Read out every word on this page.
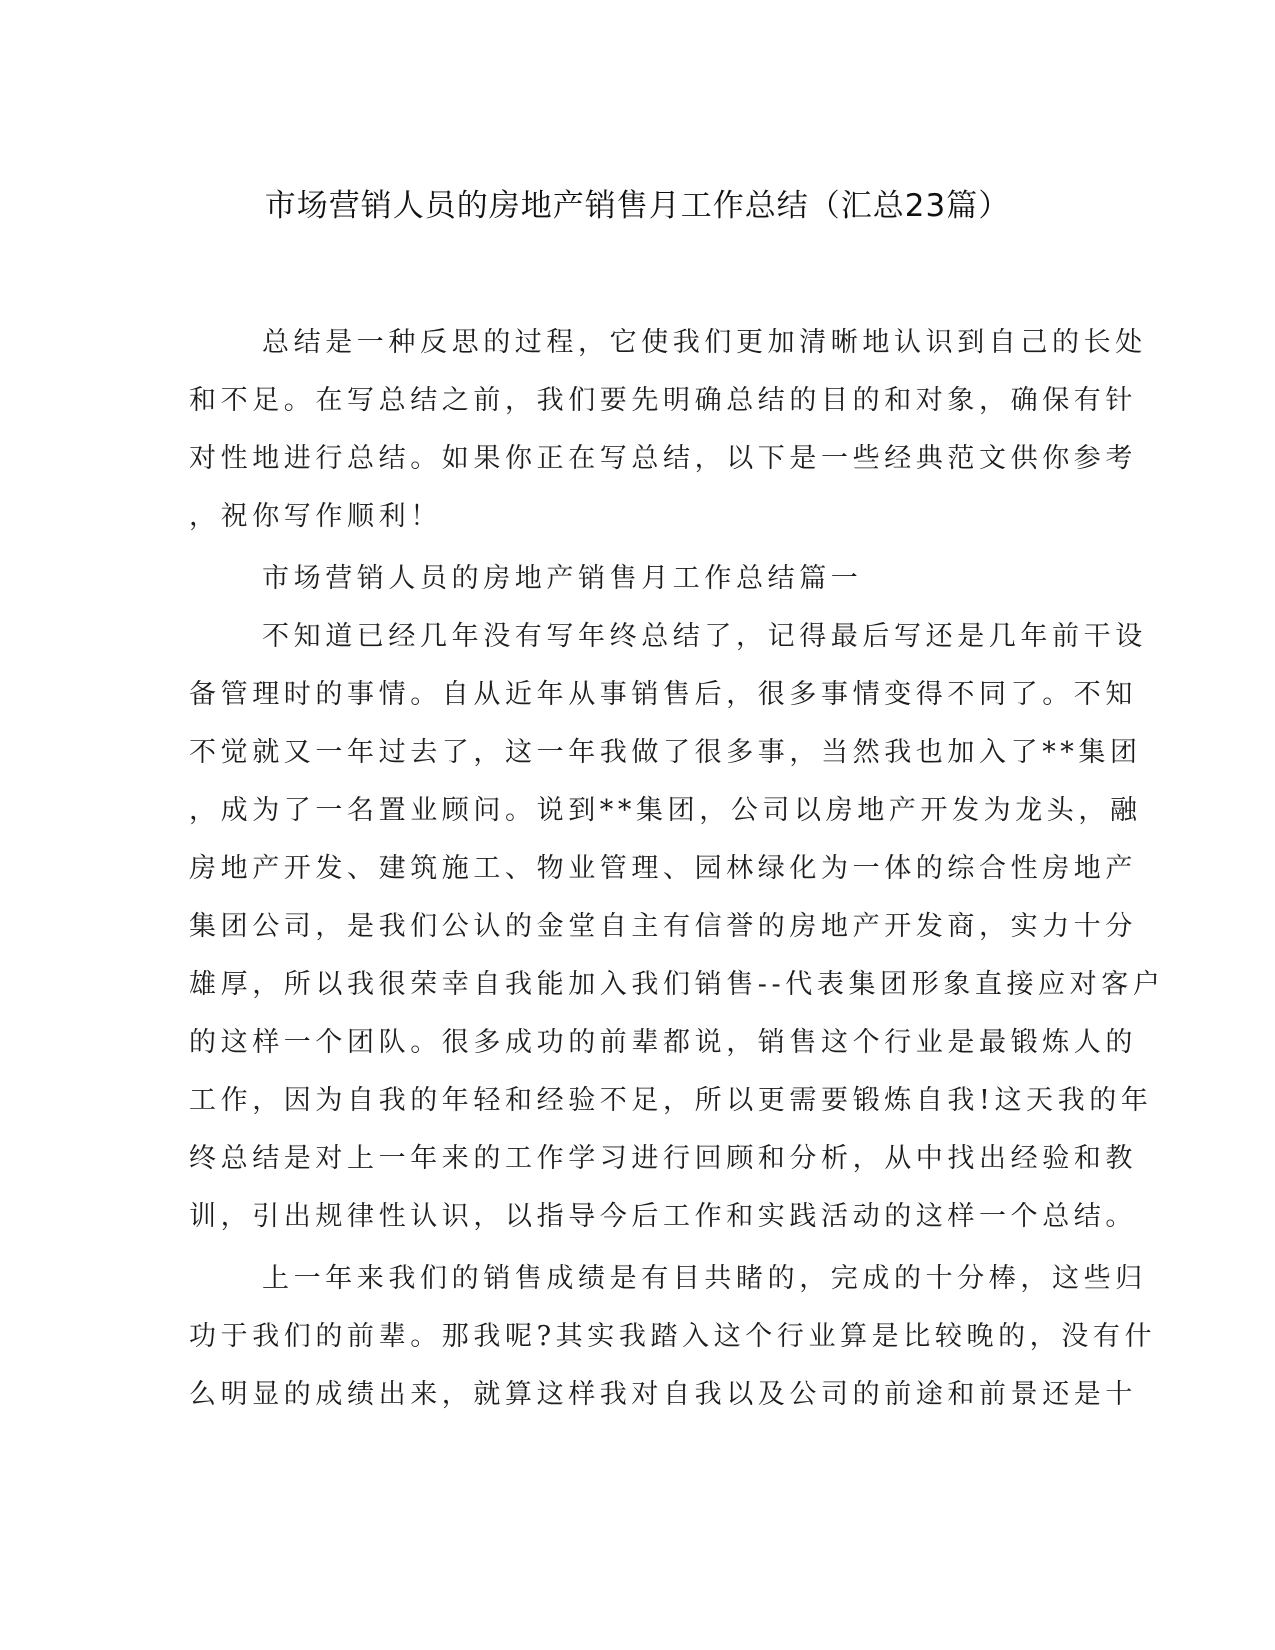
市场营销人员的房地产销售月工作总结（汇总23篇）
总结是一种反思的过程，它使我们更加清晰地认识到自己的长处
和不足。在写总结之前，我们要先明确总结的目的和对象，确保有针
对性地进行总结。如果你正在写总结，以下是一些经典范文供你参考
，祝你写作顺利！
市场营销人员的房地产销售月工作总结篇一
不知道已经几年没有写年终总结了，记得最后写还是几年前干设
备管理时的事情。自从近年从事销售后，很多事情变得不同了。不知
不觉就又一年过去了，这一年我做了很多事，当然我也加入了**集团
，成为了一名置业顾问。说到**集团，公司以房地产开发为龙头，融
房地产开发、建筑施工、物业管理、园林绿化为一体的综合性房地产
集团公司，是我们公认的金堂自主有信誉的房地产开发商，实力十分
雄厚，所以我很荣幸自我能加入我们销售--代表集团形象直接应对客户
的这样一个团队。很多成功的前辈都说，销售这个行业是最锻炼人的
工作，因为自我的年轻和经验不足，所以更需要锻炼自我!这天我的年
终总结是对上一年来的工作学习进行回顾和分析，从中找出经验和教
训，引出规律性认识，以指导今后工作和实践活动的这样一个总结。
上一年来我们的销售成绩是有目共睹的，完成的十分棒，这些归
功于我们的前辈。那我呢?其实我踏入这个行业算是比较晚的，没有什
么明显的成绩出来，就算这样我对自我以及公司的前途和前景还是十
